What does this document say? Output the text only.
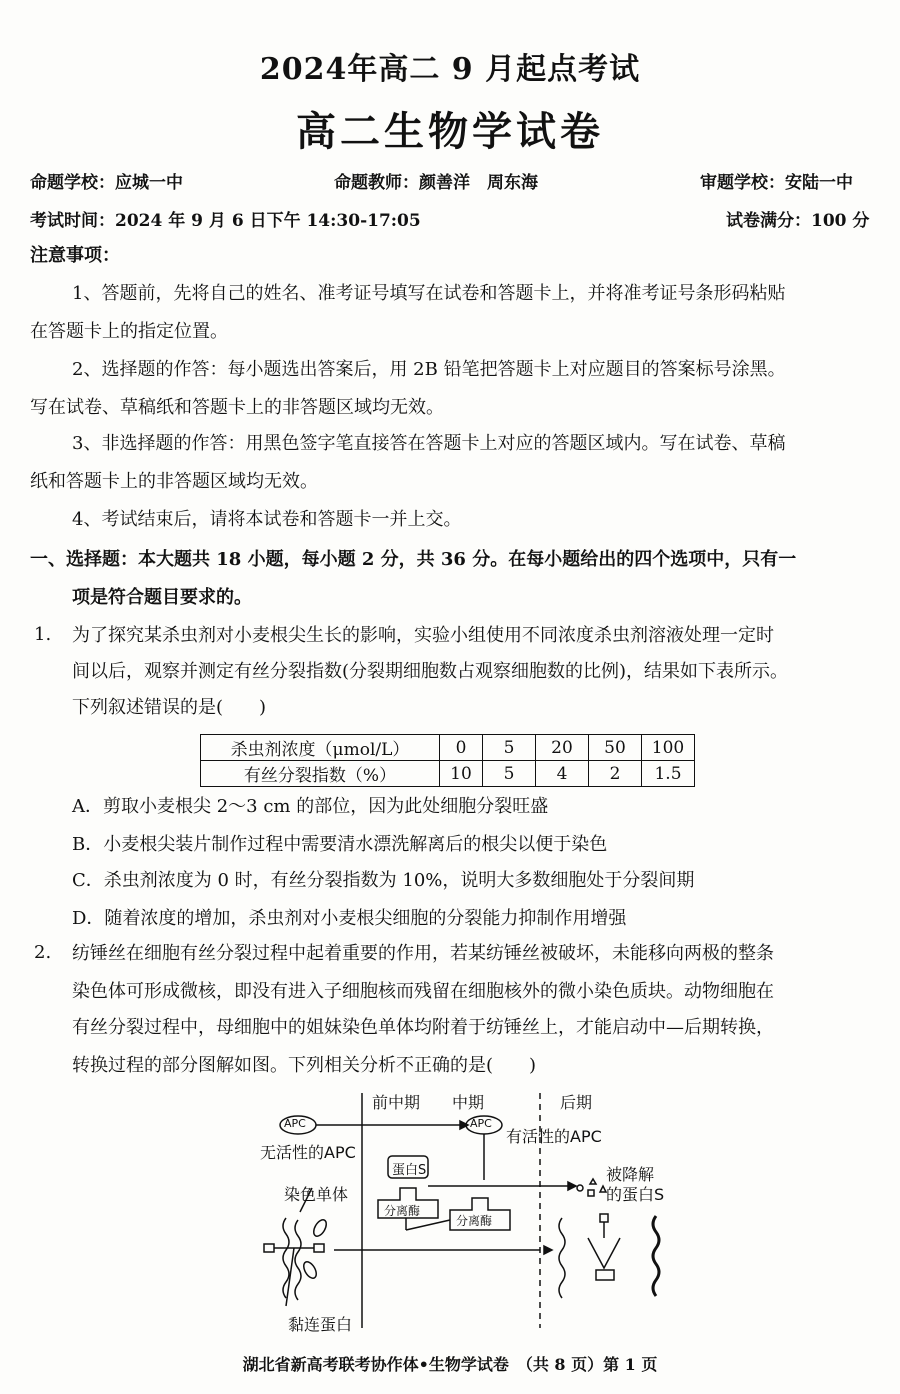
2024年高二 9 月起点考试
高二生物学试卷
命题学校：应城一中	命题教师：颜善洋　周东海	审题学校：安陆一中
考试时间：2024 年 9 月 6 日下午 14:30-17:05	试卷满分：100 分
注意事项：
1、答题前，先将自己的姓名、准考证号填写在试卷和答题卡上，并将准考证号条形码粘贴
在答题卡上的指定位置。
2、选择题的作答：每小题选出答案后，用 2B 铅笔把答题卡上对应题目的答案标号涂黑。
写在试卷、草稿纸和答题卡上的非答题区域均无效。
3、非选择题的作答：用黑色签字笔直接答在答题卡上对应的答题区域内。写在试卷、草稿
纸和答题卡上的非答题区域均无效。
4、考试结束后，请将本试卷和答题卡一并上交。
一、选择题：本大题共 18 小题，每小题 2 分，共 36 分。在每小题给出的四个选项中，只有一
项是符合题目要求的。
1. 为了探究某杀虫剂对小麦根尖生长的影响，实验小组使用不同浓度杀虫剂溶液处理一定时
间以后，观察并测定有丝分裂指数(分裂期细胞数占观察细胞数的比例)，结果如下表所示。
下列叙述错误的是(　　)
杀虫剂浓度（μmol/L）	0	5	20	50	100
有丝分裂指数（%）	10	5	4	2	1.5
A．剪取小麦根尖 2～3 cm 的部位，因为此处细胞分裂旺盛
B．小麦根尖装片制作过程中需要清水漂洗解离后的根尖以便于染色
C．杀虫剂浓度为 0 时，有丝分裂指数为 10%，说明大多数细胞处于分裂间期
D．随着浓度的增加，杀虫剂对小麦根尖细胞的分裂能力抑制作用增强
2. 纺锤丝在细胞有丝分裂过程中起着重要的作用，若某纺锤丝被破坏，未能移向两极的整条
染色体可形成微核，即没有进入子细胞核而残留在细胞核外的微小染色质块。动物细胞在
有丝分裂过程中，母细胞中的姐妹染色单体均附着于纺锤丝上，才能启动中—后期转换，
转换过程的部分图解如图。下列相关分析不正确的是(　　)
前中期 中期	后期
APC	APC
无活性的APC
有活性的APC
蛋白S
分离酶
分离酶
染色单体
黏连蛋白
被降解
的蛋白S
湖北省新高考联考协作体•生物学试卷　（共 8 页）第 1 页
